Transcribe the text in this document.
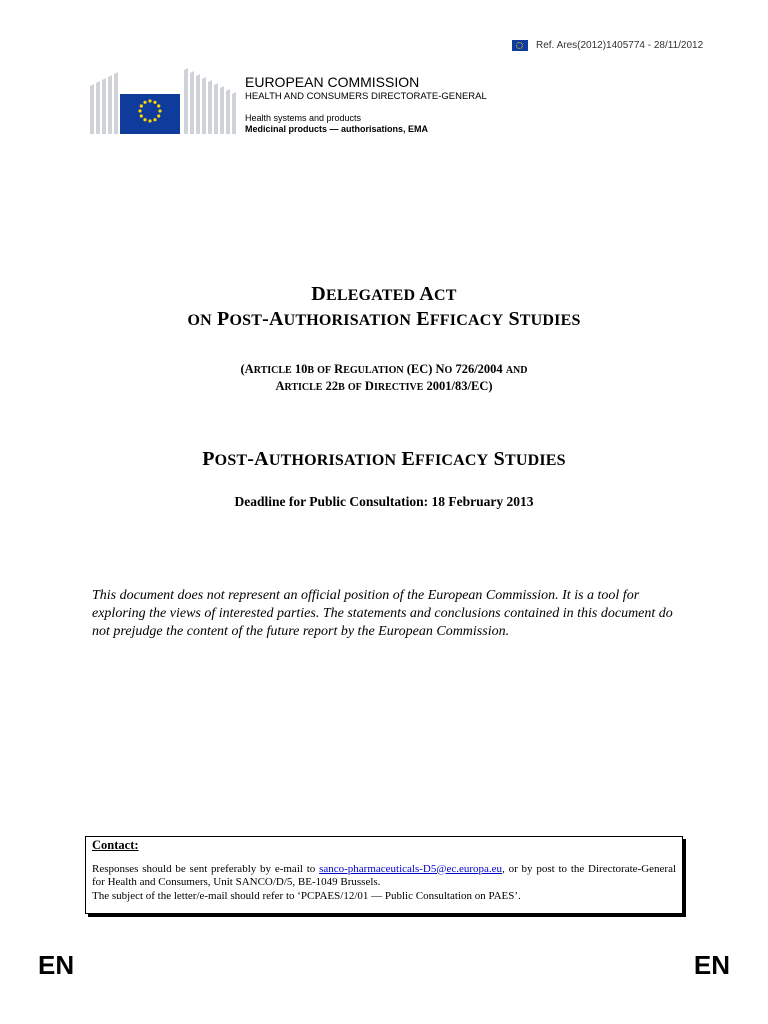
Ref. Ares(2012)1405774 - 28/11/2012
EUROPEAN COMMISSION
HEALTH AND CONSUMERS DIRECTORATE-GENERAL
Health systems and products
Medicinal products — authorisations, EMA
DELEGATED ACT
ON POST-AUTHORISATION EFFICACY STUDIES
(ARTICLE 10B OF REGULATION (EC) NO 726/2004 AND
ARTICLE 22B OF DIRECTIVE 2001/83/EC)
POST-AUTHORISATION EFFICACY STUDIES
Deadline for Public Consultation: 18 February 2013
This document does not represent an official position of the European Commission. It is a tool for exploring the views of interested parties. The statements and conclusions contained in this document do not prejudge the content of the future report by the European Commission.
Contact:

Responses should be sent preferably by e-mail to sanco-pharmaceuticals-D5@ec.europa.eu, or by post to the Directorate-General for Health and Consumers, Unit SANCO/D/5, BE-1049 Brussels.

The subject of the letter/e-mail should refer to ‘PCPAES/12/01 — Public Consultation on PAES’.

EN	EN
